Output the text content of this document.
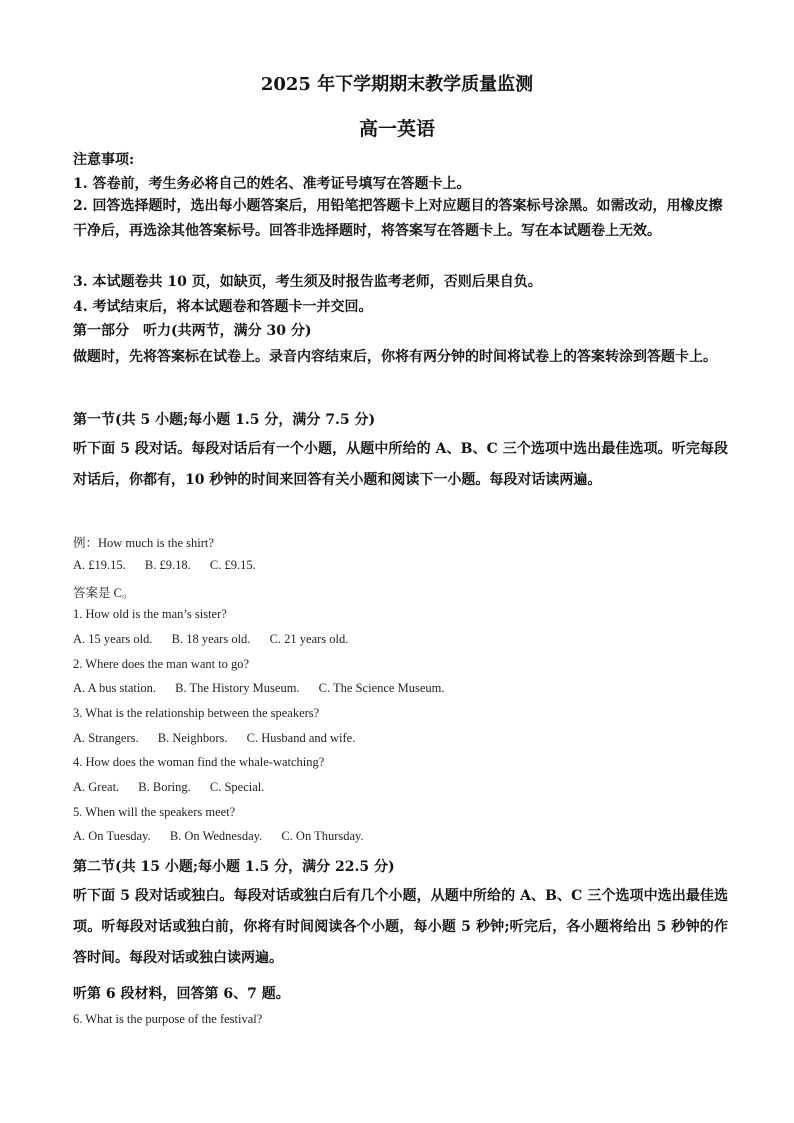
2025 年下学期期末教学质量监测
高一英语
注意事项:
1. 答卷前，考生务必将自己的姓名、准考证号填写在答题卡上。
2. 回答选择题时，选出每小题答案后，用铅笔把答题卡上对应题目的答案标号涂黑。如需改动，用橡皮擦干净后，再选涂其他答案标号。回答非选择题时，将答案写在答题卡上。写在本试题卷上无效。
3. 本试题卷共 10 页，如缺页，考生须及时报告监考老师，否则后果自负。
4. 考试结束后，将本试题卷和答题卡一并交回。
第一部分　听力(共两节，满分 30 分)
做题时，先将答案标在试卷上。录音内容结束后，你将有两分钟的时间将试卷上的答案转涂到答题卡上。
第一节(共 5 小题;每小题 1.5 分，满分 7.5 分)
听下面 5 段对话。每段对话后有一个小题，从题中所给的 A、B、C 三个选项中选出最佳选项。听完每段对话后，你都有，10 秒钟的时间来回答有关小题和阅读下一小题。每段对话读两遍。
例：How much is the shirt?
A. £19.15. B. £9.18. C. £9.15.
答案是 C。
1. How old is the man’s sister?
A. 15 years old. B. 18 years old. C. 21 years old.
2. Where does the man want to go?
A. A bus station. B. The History Museum. C. The Science Museum.
3. What is the relationship between the speakers?
A. Strangers. B. Neighbors. C. Husband and wife.
4. How does the woman find the whale-watching?
A. Great. B. Boring. C. Special.
5. When will the speakers meet?
A. On Tuesday. B. On Wednesday. C. On Thursday.
第二节(共 15 小题;每小题 1.5 分，满分 22.5 分)
听下面 5 段对话或独白。每段对话或独白后有几个小题，从题中所给的 A、B、C 三个选项中选出最佳选项。听每段对话或独白前，你将有时间阅读各个小题，每小题 5 秒钟;听完后，各小题将给出 5 秒钟的作答时间。每段对话或独白读两遍。
听第 6 段材料，回答第 6、7 题。
6. What is the purpose of the festival?
